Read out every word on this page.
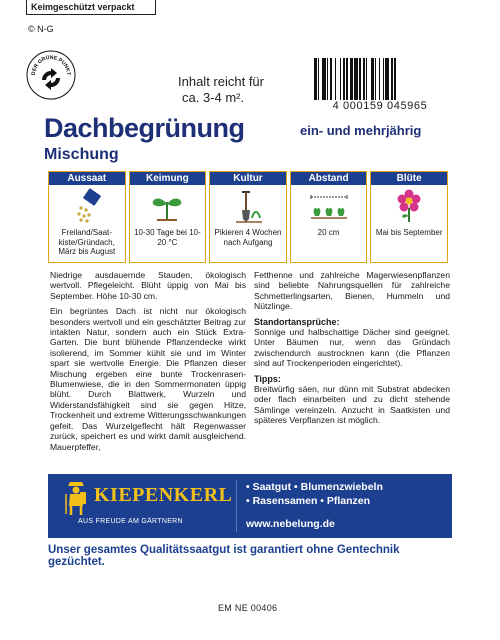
Keimgeschützt verpackt
© N-G
DER GRÜNE PUNKT
Inhalt reicht für
ca. 3-4 m².
4 000159 045965
Dachbegrünung	ein- und mehrjährig
Mischung
Aussaat
Freiland/Saat-kiste/Gründach, März bis August
Keimung
10-30 Tage bei 10-20 °C
Kultur
Pikieren 4 Wochen nach Aufgang
Abstand
20 cm
Blüte
Mai bis September

Niedrige ausdauernde Stauden, ökologisch wertvoll. Pflegeleicht. Blüht üppig von Mai bis September. Höhe 10-30 cm.

Ein begrüntes Dach ist nicht nur ökologisch besonders wertvoll und ein geschätzter Beitrag zur intakten Natur, sondern auch ein Stück Extra-Garten. Die bunt blühende Pflanzendecke wirkt isolierend, im Sommer kühlt sie und im Winter spart sie wertvolle Energie. Die Pflanzen dieser Mischung ergeben eine bunte Trockenrasen-Blumenwiese, die in den Sommermonaten üppig blüht. Durch Blattwerk, Wurzeln und Widerstandsfähigkeit sind sie gegen Hitze, Trockenheit und extreme Witterungsschwankungen gefeit. Das Wurzelgeflecht hält Regenwasser zurück, speichert es und wirkt damit ausgleichend. Mauerpfeffer,

Fetthenne und zahlreiche Magerwiesenpflanzen sind beliebte Nahrungsquellen für zahlreiche Schmetterlingsarten, Bienen, Hummeln und Nützlinge.

Standortansprüche:

Sonnige und halbschattige Dächer sind geeignet. Unter Bäumen nur, wenn das Gründach zwischendurch austrocknen kann (die Pflanzen sind auf Trockenperioden eingerichtet).

Tipps:

Breitwürfig säen, nur dünn mit Substrat abdecken oder flach einarbeiten und zu dicht stehende Sämlinge vereinzeln. Anzucht in Saatkisten und späteres Verpflanzen ist möglich.

KIEPENKERL
AUS FREUDE AM GÄRTNERN
• Saatgut • Blumenzwiebeln
• Rasensamen • Pflanzen
www.nebelung.de
Unser gesamtes Qualitätssaatgut ist garantiert ohne Gentechnik gezüchtet.
EM NE 00406
